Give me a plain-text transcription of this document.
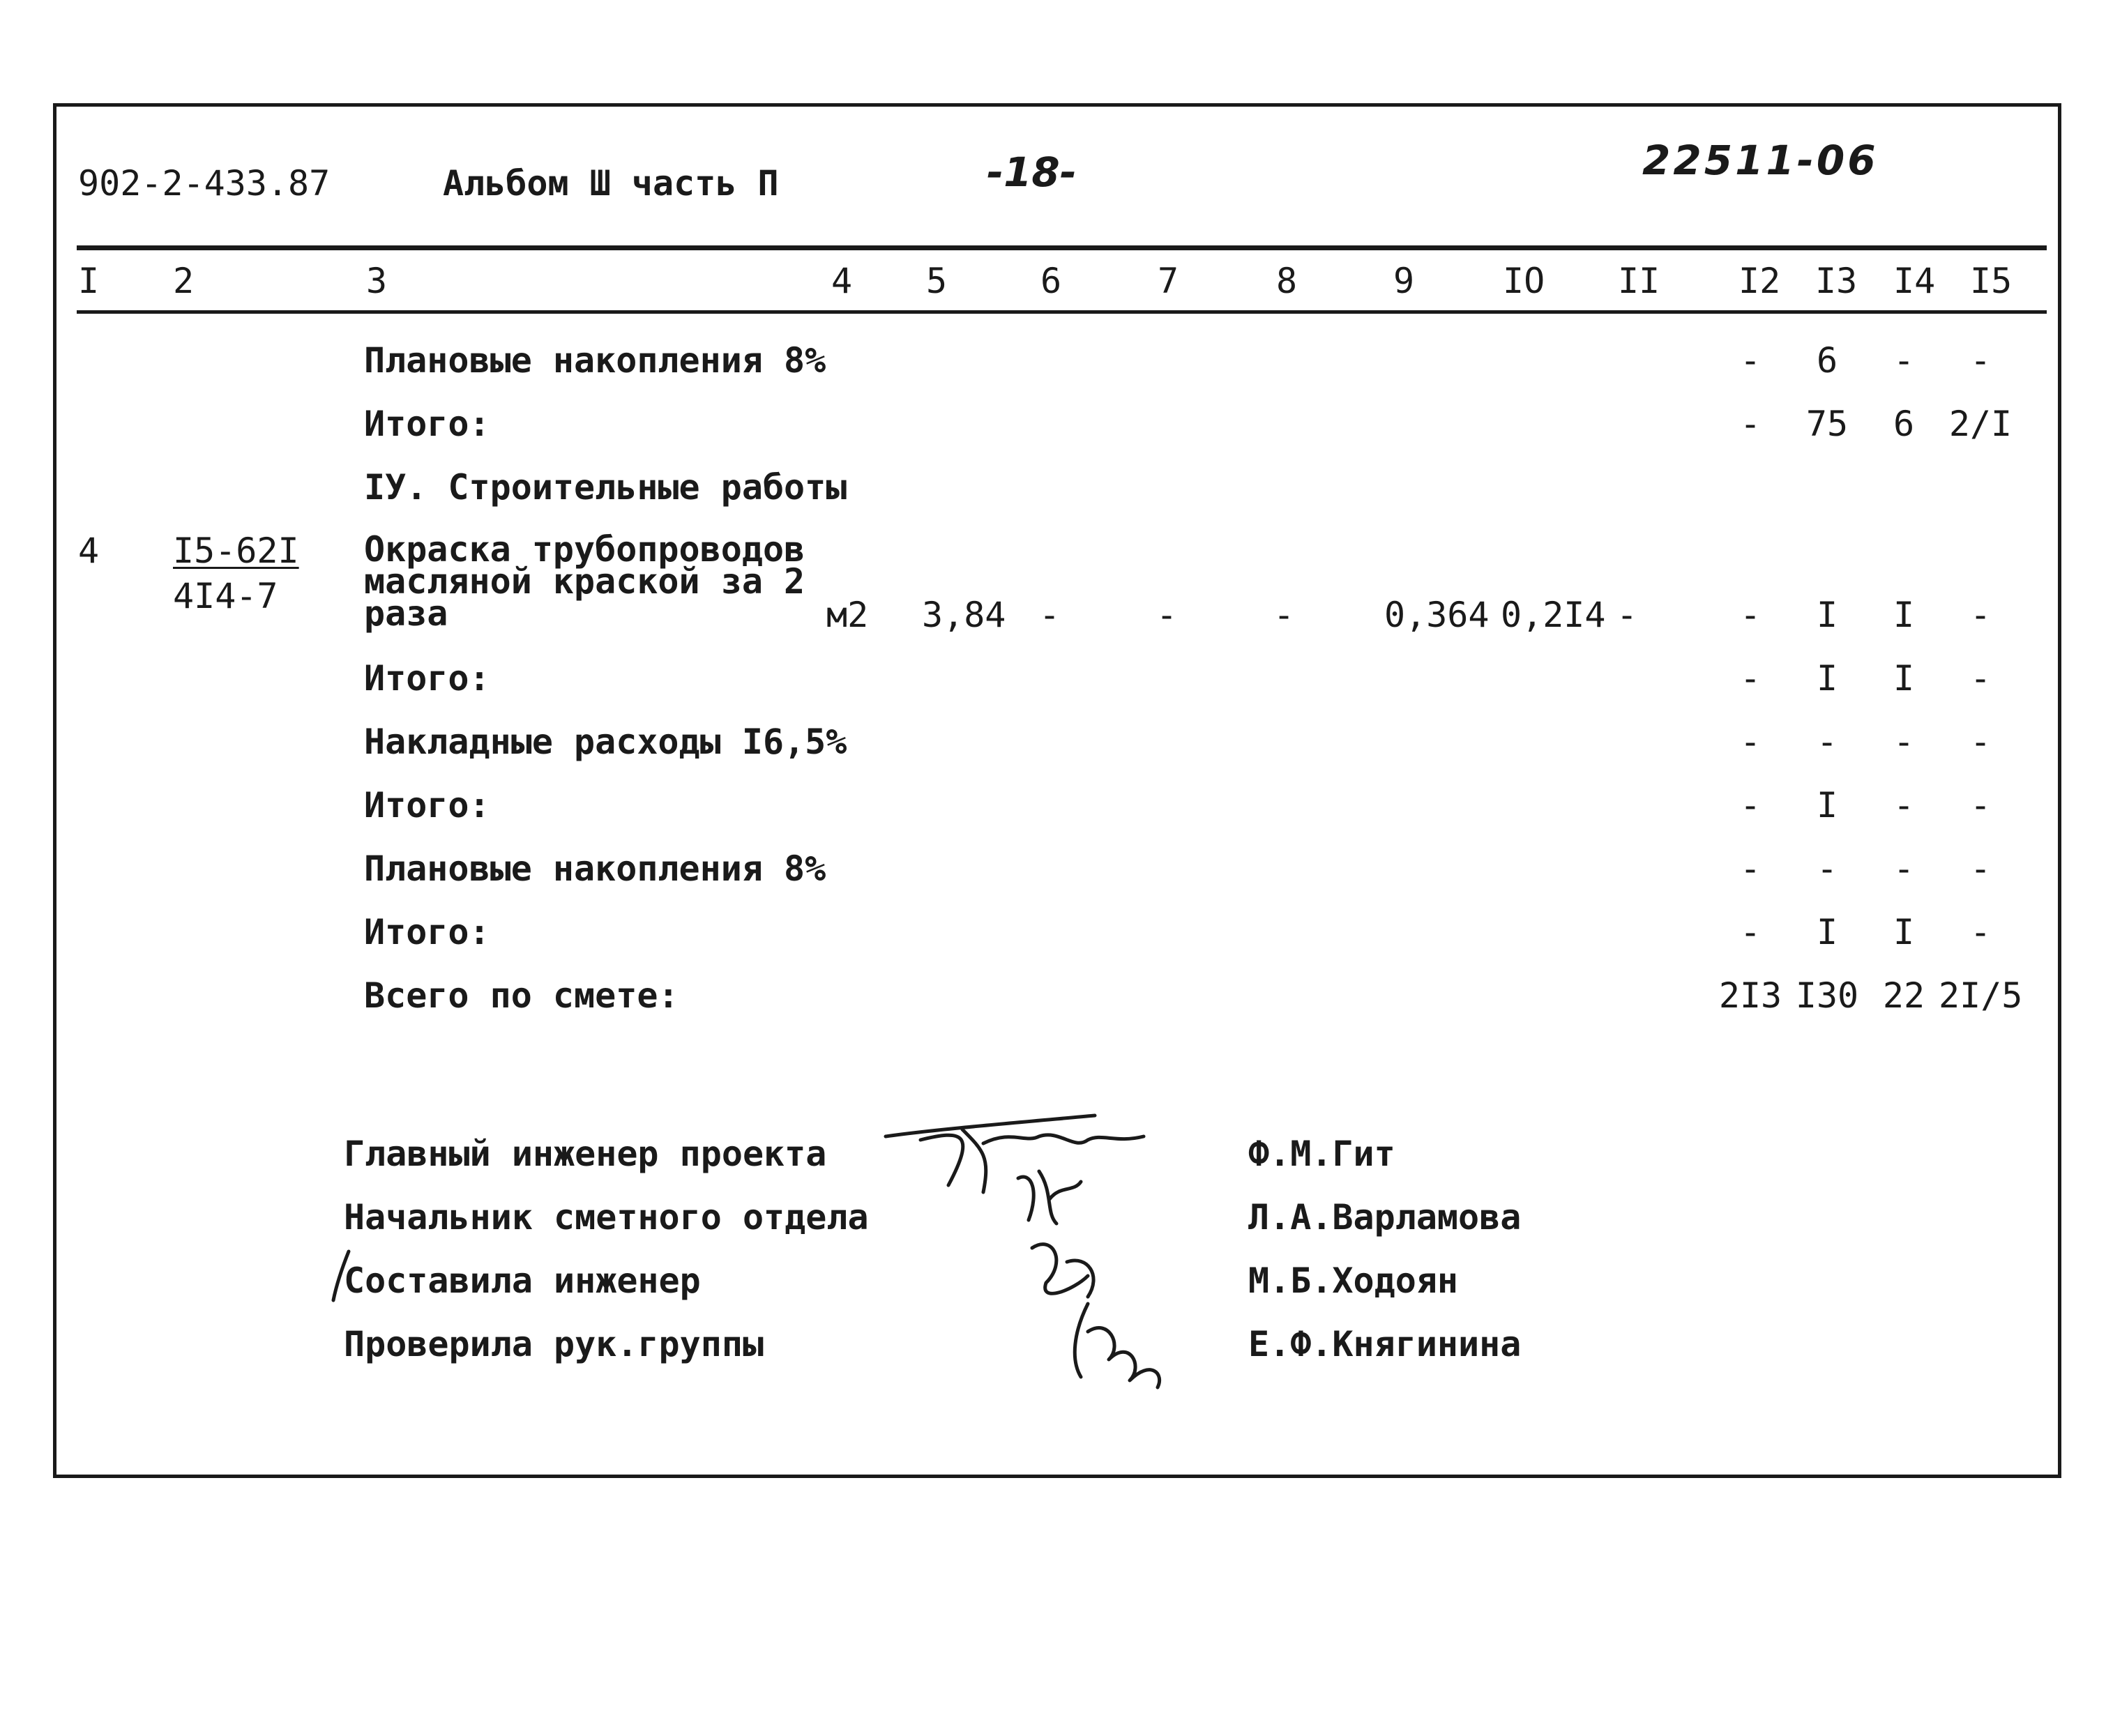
902-2-433.87	Альбом Ш часть П	-18-	22511-06
I 2	3	4 5	6	7	8	9	IO II I2 I3 I4 I5
Плановые накопления 8%	-	6	-	-
Итого:	-	75	6 2/I
IУ. Строительные работы
4 I5-62I
4I4-7
Окраска трубопроводов
масляной краской за 2
раза	м2 3,84 -	-	-	0,364 0,2I4 -	-	I	I	-
Итого:	-	I	I	-
Накладные расходы I6,5%	-	-	-	-
Итого:	-	I	-	-
Плановые накопления 8%	-	-	-	-
Итого:	-	I	I	-
Всего по смете:	2I3 I30 22 2I/5
Главный инженер проекта	Ф.М.Гит
Начальник сметного отдела	Л.А.Варламова
Составила инженер	М.Б.Ходоян
Проверила рук.группы	Е.Ф.Княгинина
